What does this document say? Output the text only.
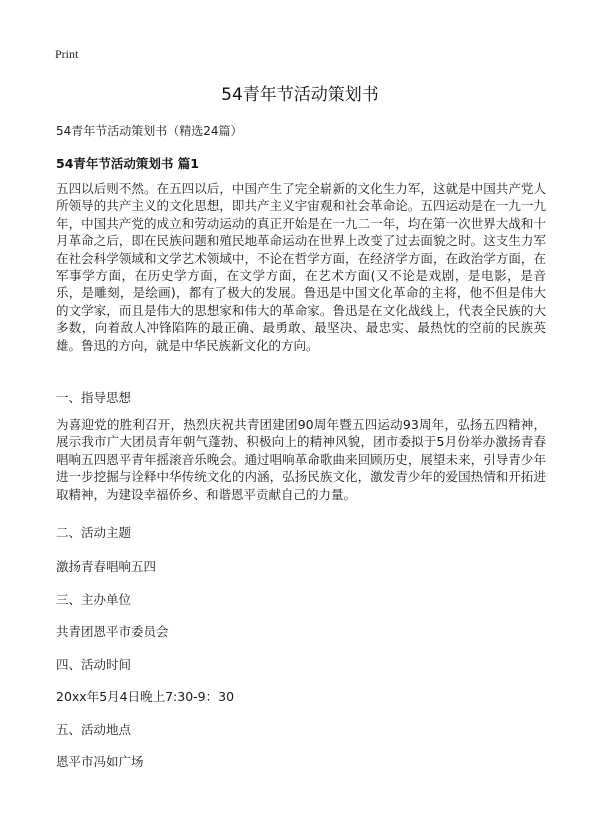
Print
54青年节活动策划书
54青年节活动策划书（精选24篇）
54青年节活动策划书 篇1
五四以后则不然。在五四以后，中国产生了完全崭新的文化生力军，这就是中国共产党人所领导的共产主义的文化思想，即共产主义宇宙观和社会革命论。五四运动是在一九一九年，中国共产党的成立和劳动运动的真正开始是在一九二一年，均在第一次世界大战和十月革命之后，即在民族问题和殖民地革命运动在世界上改变了过去面貌之时。这支生力军在社会科学领域和文学艺术领域中，不论在哲学方面，在经济学方面，在政治学方面，在军事学方面，在历史学方面，在文学方面，在艺术方面(又不论是戏剧，是电影，是音乐，是雕刻，是绘画)，都有了极大的发展。鲁迅是中国文化革命的主将，他不但是伟大的文学家，而且是伟大的思想家和伟大的革命家。鲁迅是在文化战线上，代表全民族的大多数，向着敌人冲锋陷阵的最正确、最勇敢、最坚决、最忠实、最热忱的空前的民族英雄。鲁迅的方向，就是中华民族新文化的方向。
一、指导思想
为喜迎党的胜利召开，热烈庆祝共青团建团90周年暨五四运动93周年，弘扬五四精神，展示我市广大团员青年朝气蓬勃、积极向上的精神风貌，团市委拟于5月份举办激扬青春唱响五四恩平青年摇滚音乐晚会。通过唱响革命歌曲来回顾历史，展望未来，引导青少年进一步挖掘与诠释中华传统文化的内涵，弘扬民族文化，激发青少年的爱国热情和开拓进取精神，为建设幸福侨乡、和谐恩平贡献自己的力量。
二、活动主题
激扬青春唱响五四
三、主办单位
共青团恩平市委员会
四、活动时间
20xx年5月4日晚上7:30-9：30
五、活动地点
恩平市冯如广场
